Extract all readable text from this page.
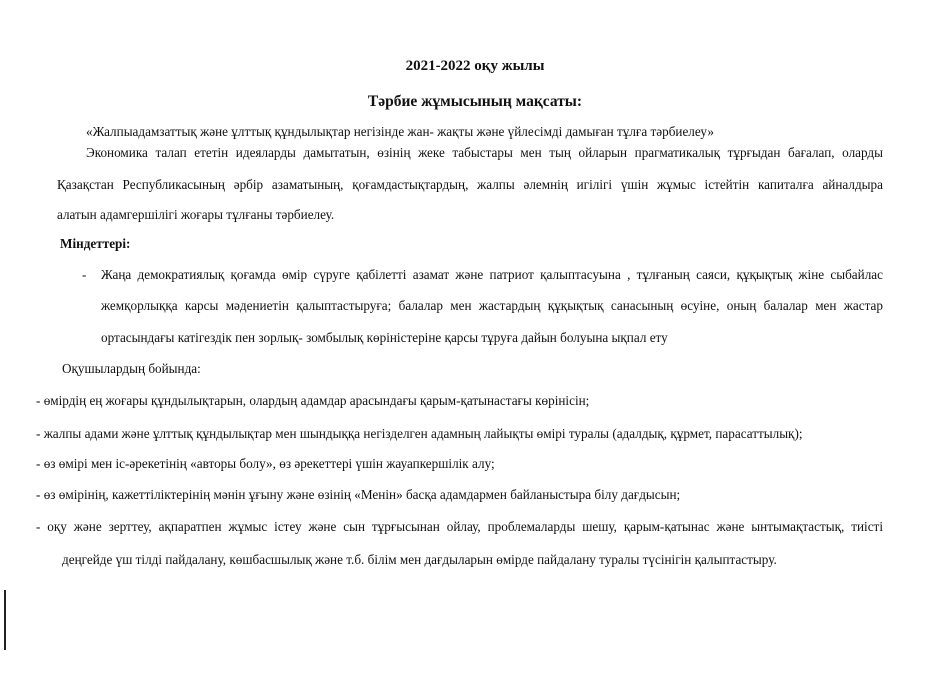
2021-2022 оқу жылы
Тәрбие жұмысының мақсаты:
«Жалпыадамзаттық және ұлттық құндылықтар негізінде жан- жақты және үйлесімді дамыған тұлға тәрбиелеу»
Экономика талап ететін идеяларды дамытатын, өзінің жеке табыстары мен тың ойларын прагматикалық тұрғыдан бағалап, оларды
Қазақстан Республикасының әрбір азаматының, қоғамдастықтардың, жалпы әлемнің игілігі үшін жұмыс істейтін капиталға айналдыра
алатын адамгершілігі жоғары тұлғаны тәрбиелеу.
Міндеттері:
- Жаңа демократиялық қоғамда өмір сүруге қабілетті азамат және патриот қалыптасуына , тұлғаның саяси, құқықтық жіне сыбайлас
жемқорлыққа карсы мәдениетін қалыптастыруға; балалар мен жастардың құқықтық санасының өсуіне, оның балалар мен жастар
ортасындағы катігездік пен зорлық- зомбылық көріністеріне қарсы тұруға дайын болуына ықпал ету
Оқушылардың бойында:
- өмірдің ең жоғары құндылықтарын, олардың адамдар арасындағы қарым-қатынастағы көрінісін;
- жалпы адами және ұлттық құндылықтар мен шындыққа негізделген адамның лайықты өмірі туралы (адалдық, құрмет, парасаттылық);
- өз өмірі мен іс-әрекетінің «авторы болу», өз әрекеттері үшін жауапкершілік алу;
- өз өмірінің, кажеттіліктерінің мәнін ұғыну және өзінің «Менін» басқа адамдармен байланыстыра білу дағдысын;
- оқу және зерттеу, ақпаратпен жұмыс істеу және сын тұрғысынан ойлау, проблемаларды шешу, қарым-қатынас және ынтымақтастық, тиісті
деңгейде үш тілді пайдалану, көшбасшылық және т.б. білім мен дағдыларын өмірде пайдалану туралы түсінігін қалыптастыру.
